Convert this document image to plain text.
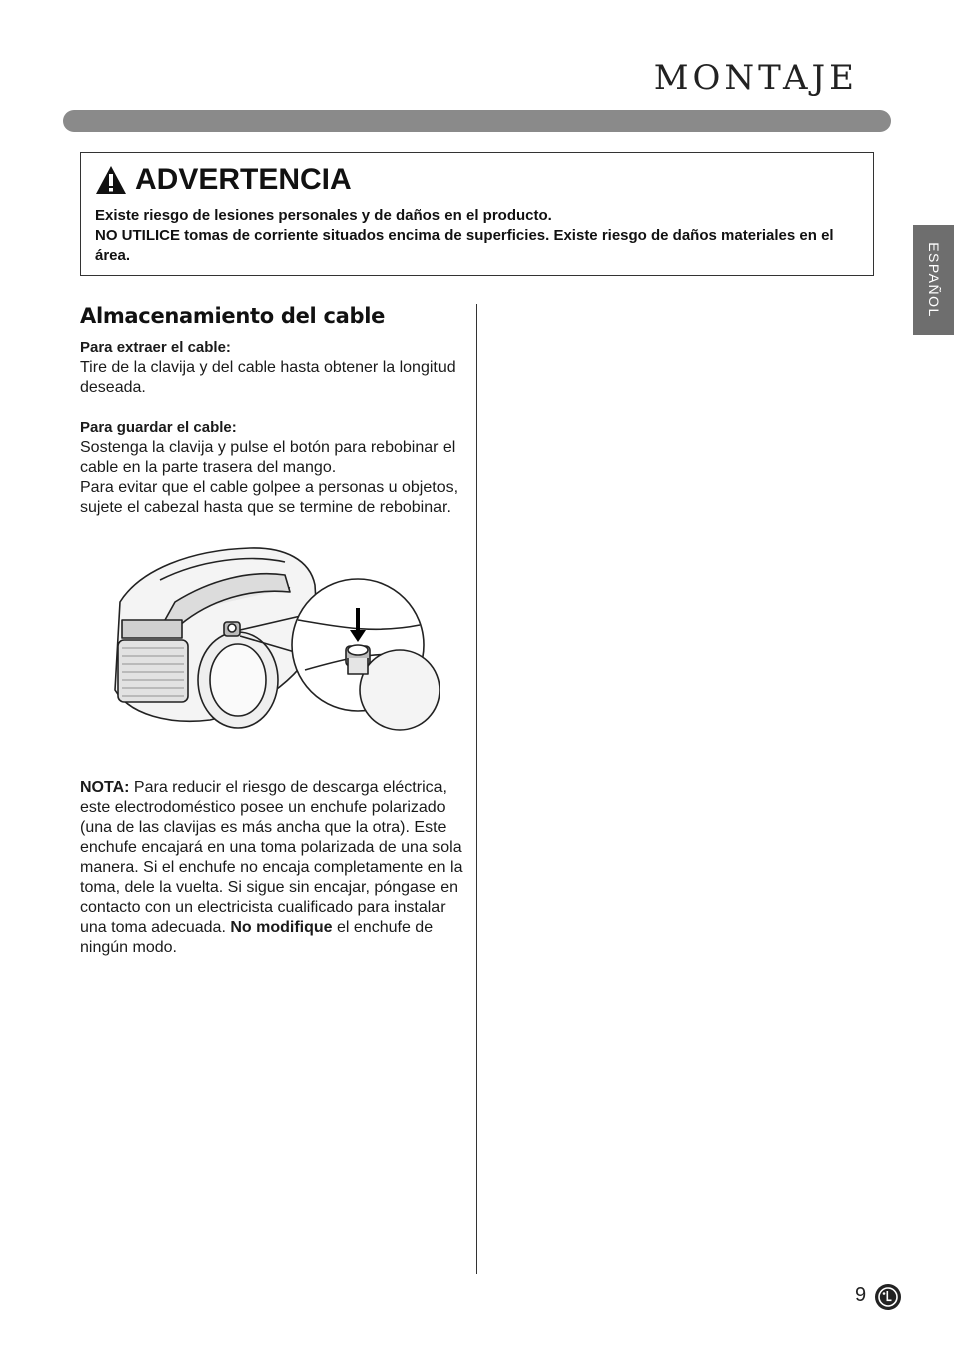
MONTAJE
ESPAÑOL
ADVERTENCIA
Existe riesgo de lesiones personales y de daños en el producto.
NO UTILICE tomas de corriente situados encima de superficies. Existe riesgo de daños materiales en el área.
Almacenamiento del cable
Para extraer el cable:

Tire de la clavija y del cable hasta obtener la longitud deseada.

Para guardar el cable:

Sostenga la clavija y pulse el botón para rebobinar el cable en la parte trasera del mango.

Para evitar que el cable golpee a personas u objetos, sujete el cabezal hasta que se termine de rebobinar.

NOTA: Para reducir el riesgo de descarga eléctrica, este electrodoméstico posee un enchufe polarizado (una de las clavijas es más ancha que la otra). Este enchufe encajará en una toma polarizada de una sola manera. Si el enchufe no encaja completamente en la toma, dele la vuelta. Si sigue sin encajar, póngase en contacto con un electricista cualificado para instalar una toma adecuada. No modifique el enchufe de ningún modo.
9
